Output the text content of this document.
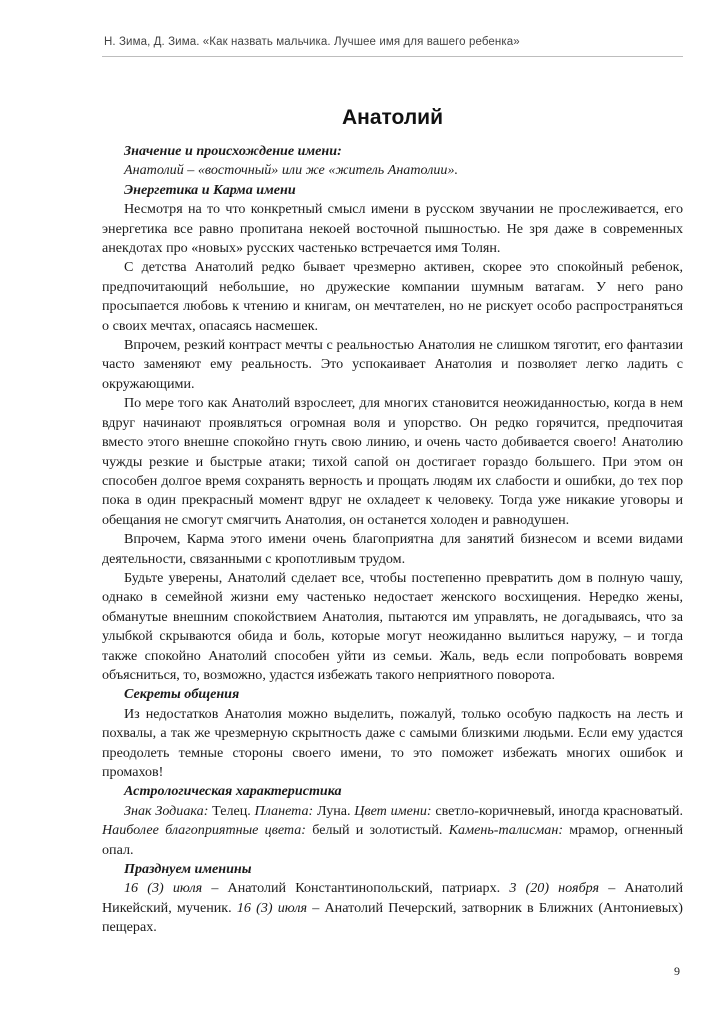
Н. Зима, Д. Зима. «Как назвать мальчика. Лучшее имя для вашего ребенка»
Анатолий

Значение и происхождение имени:

Анатолий – «восточный» или же «житель Анатолии».

Энергетика и Карма имени

Несмотря на то что конкретный смысл имени в русском звучании не прослеживается, его энергетика все равно пропитана некоей восточной пышностью. Не зря даже в современных анекдотах про «новых» русских частенько встречается имя Толян.

С детства Анатолий редко бывает чрезмерно активен, скорее это спокойный ребенок, предпочитающий небольшие, но дружеские компании шумным ватагам. У него рано просыпается любовь к чтению и книгам, он мечтателен, но не рискует особо распространяться о своих мечтах, опасаясь насмешек.

Впрочем, резкий контраст мечты с реальностью Анатолия не слишком тяготит, его фантазии часто заменяют ему реальность. Это успокаивает Анатолия и позволяет легко ладить с окружающими.

По мере того как Анатолий взрослеет, для многих становится неожиданностью, когда в нем вдруг начинают проявляться огромная воля и упорство. Он редко горячится, предпочитая вместо этого внешне спокойно гнуть свою линию, и очень часто добивается своего! Анатолию чужды резкие и быстрые атаки; тихой сапой он достигает гораздо большего. При этом он способен долгое время сохранять верность и прощать людям их слабости и ошибки, до тех пор пока в один прекрасный момент вдруг не охладеет к человеку. Тогда уже никакие уговоры и обещания не смогут смягчить Анатолия, он останется холоден и равнодушен.

Впрочем, Карма этого имени очень благоприятна для занятий бизнесом и всеми видами деятельности, связанными с кропотливым трудом.

Будьте уверены, Анатолий сделает все, чтобы постепенно превратить дом в полную чашу, однако в семейной жизни ему частенько недостает женского восхищения. Нередко жены, обманутые внешним спокойствием Анатолия, пытаются им управлять, не догадываясь, что за улыбкой скрываются обида и боль, которые могут неожиданно вылиться наружу, – и тогда также спокойно Анатолий способен уйти из семьи. Жаль, ведь если попробовать вовремя объясниться, то, возможно, удастся избежать такого неприятного поворота.

Секреты общения

Из недостатков Анатолия можно выделить, пожалуй, только особую падкость на лесть и похвалы, а так же чрезмерную скрытность даже с самыми близкими людьми. Если ему удастся преодолеть темные стороны своего имени, то это поможет избежать многих ошибок и промахов!

Астрологическая характеристика

Знак Зодиака: Телец. Планета: Луна. Цвет имени: светло-коричневый, иногда красноватый. Наиболее благоприятные цвета: белый и золотистый. Камень-талисман: мрамор, огненный опал.

Празднуем именины

16 (3) июля – Анатолий Константинопольский, патриарх. 3 (20) ноября – Анатолий Никейский, мученик. 16 (3) июля – Анатолий Печерский, затворник в Ближних (Антониевых) пещерах.

9
